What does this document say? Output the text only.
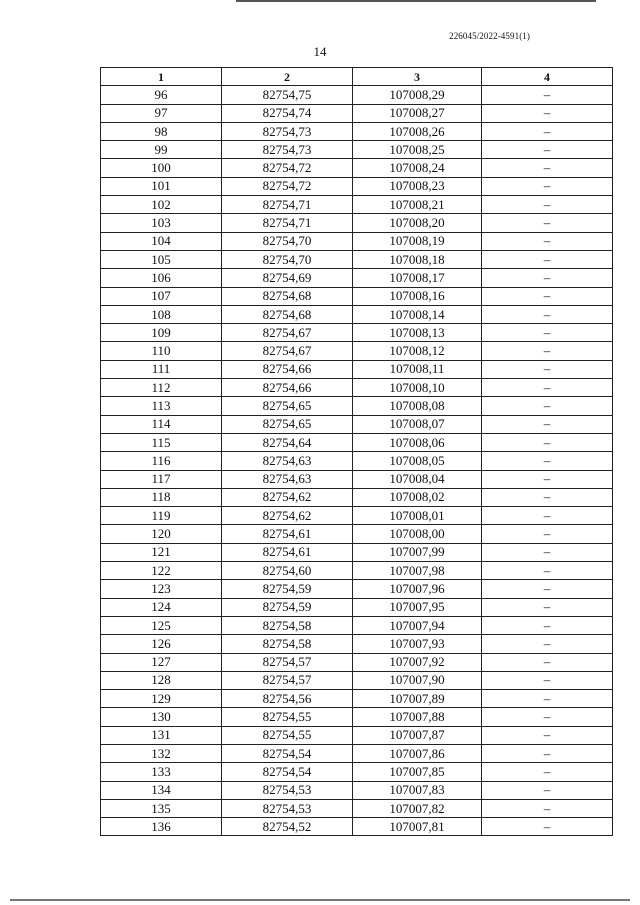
226045/2022-4591(1)
14
1	2	3	4
96	82754,75	107008,29	–
97	82754,74	107008,27	–
98	82754,73	107008,26	–
99	82754,73	107008,25	–
100	82754,72	107008,24	–
101	82754,72	107008,23	–
102	82754,71	107008,21	–
103	82754,71	107008,20	–
104	82754,70	107008,19	–
105	82754,70	107008,18	–
106	82754,69	107008,17	–
107	82754,68	107008,16	–
108	82754,68	107008,14	–
109	82754,67	107008,13	–
110	82754,67	107008,12	–
111	82754,66	107008,11	–
112	82754,66	107008,10	–
113	82754,65	107008,08	–
114	82754,65	107008,07	–
115	82754,64	107008,06	–
116	82754,63	107008,05	–
117	82754,63	107008,04	–
118	82754,62	107008,02	–
119	82754,62	107008,01	–
120	82754,61	107008,00	–
121	82754,61	107007,99	–
122	82754,60	107007,98	–
123	82754,59	107007,96	–
124	82754,59	107007,95	–
125	82754,58	107007,94	–
126	82754,58	107007,93	–
127	82754,57	107007,92	–
128	82754,57	107007,90	–
129	82754,56	107007,89	–
130	82754,55	107007,88	–
131	82754,55	107007,87	–
132	82754,54	107007,86	–
133	82754,54	107007,85	–
134	82754,53	107007,83	–
135	82754,53	107007,82	–
136	82754,52	107007,81	–
